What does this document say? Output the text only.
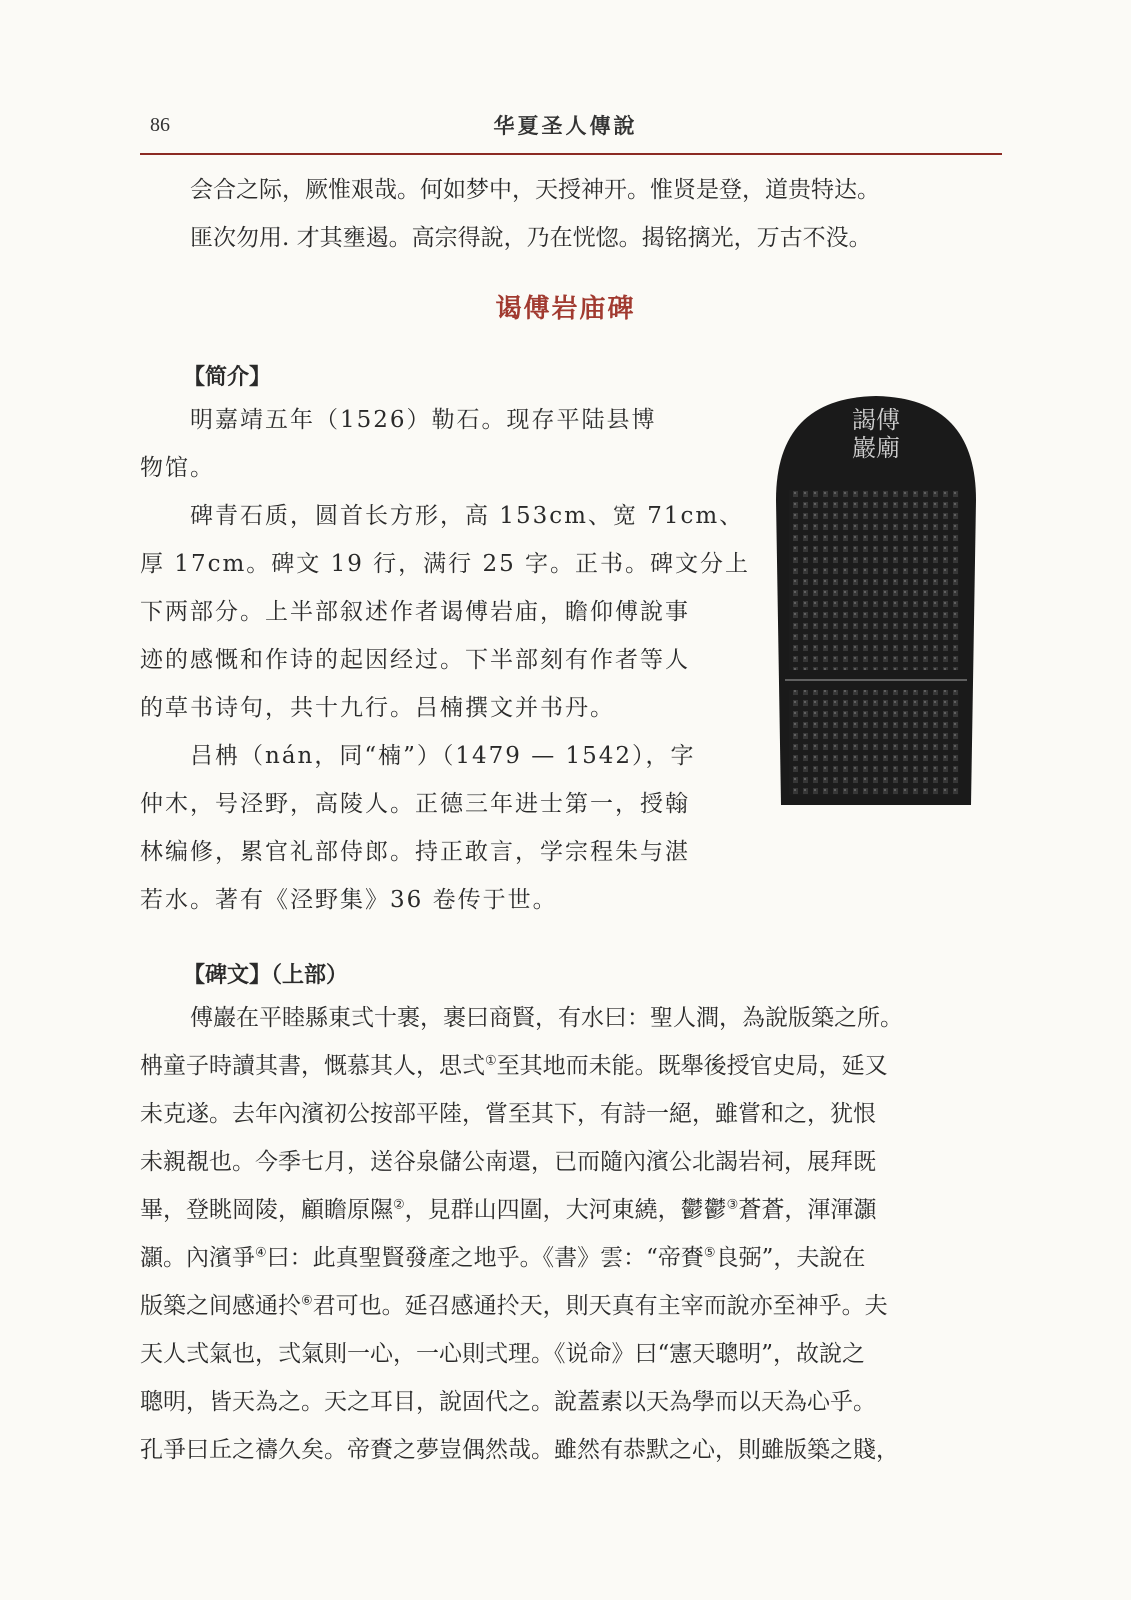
86	华夏圣人傳說
会合之际，厥惟艰哉。何如梦中，天授神开。惟贤是登，道贵特达。
匪次勿用. 才其壅遏。高宗得說，乃在恍惚。揭铭摛光，万古不没。
谒傅岩庙碑
【简介】
明嘉靖五年（1526）勒石。现存平陆县博
物馆。
碑青石质，圆首长方形，高 153cm、宽 71cm、
厚 17cm。碑文 19 行，满行 25 字。正书。碑文分上
下两部分。上半部叙述作者谒傅岩庙，瞻仰傅說事
迹的感慨和作诗的起因经过。下半部刻有作者等人
的草书诗句，共十九行。吕楠撰文并书丹。
吕柟（nán，同“楠”）（1479 — 1542），字
仲木，号泾野，高陵人。正德三年进士第一，授翰
林编修，累官礼部侍郎。持正敢言，学宗程朱与湛
若水。著有《泾野集》36 卷传于世。
謁傅
巖廟
【碑文】（上部）
傅巖在平睦縣東弍十裹，裹曰商賢，有水曰：聖人澗，為說版築之所。
柟童子時讀其書，慨慕其人，思弍①至其地而未能。既舉後授官史局，延又
未克遂。去年內濱初公按部平陸，嘗至其下，有詩一絕，雖嘗和之，犹恨
未親覩也。今季七月，送谷泉儲公南還，已而隨內濱公北謁岩祠，展拜既
畢，登眺岡陵，顧瞻原隰②，見群山四圍，大河東繞，鬱鬱③蒼蒼，渾渾灝
灝。內濱爭④曰：此真聖賢發產之地乎。《書》雲：“帝賚⑤良弼”，夫說在
版築之间感通扵⑥君可也。延召感通扵天，則天真有主宰而說亦至神乎。夫
天人弍氣也，弍氣則一心，一心則弍理。《说命》曰“憲天聰明”，故說之
聰明，皆天為之。天之耳目，說固代之。說蓋素以天為學而以天為心乎。
孔爭曰丘之禱久矣。帝賚之夢豈偶然哉。雖然有恭默之心，則雖版築之賤，
